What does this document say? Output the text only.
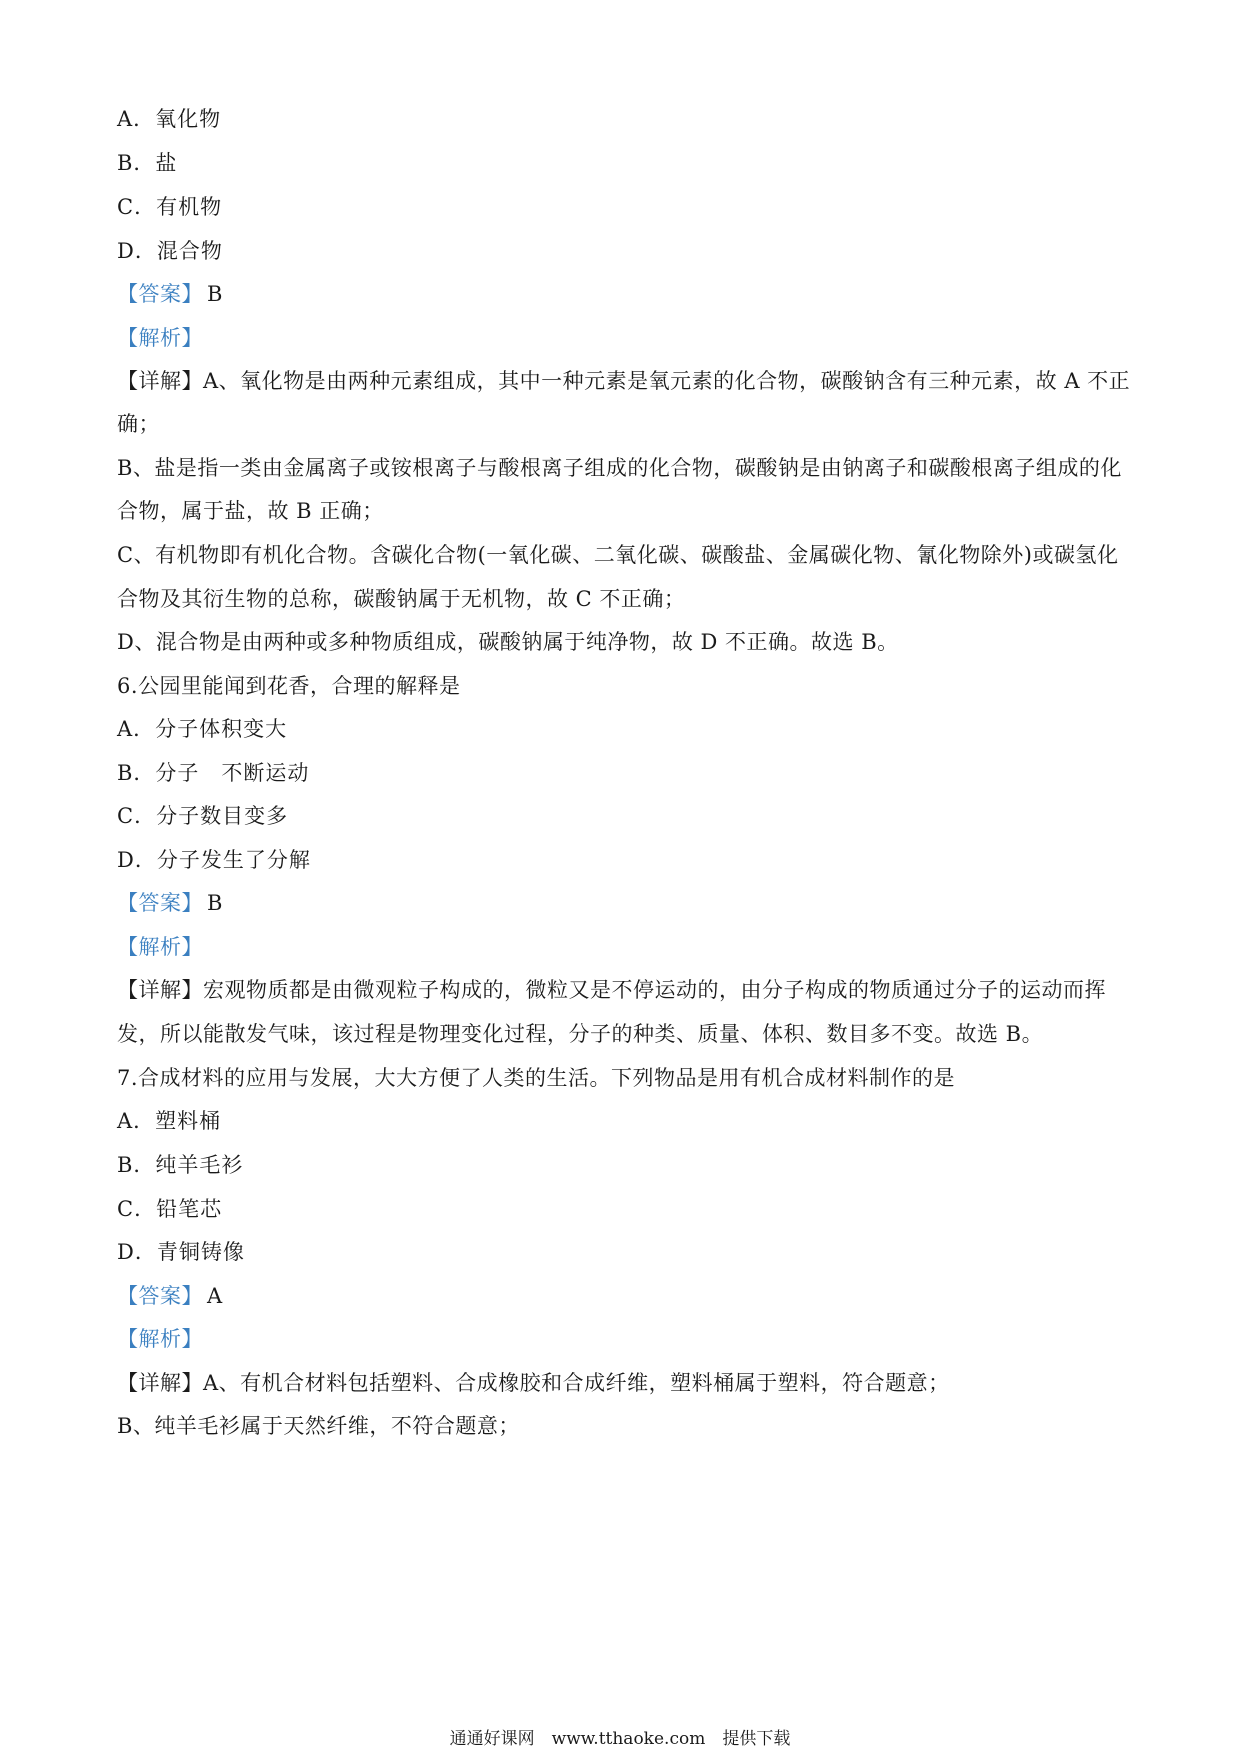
A．氧化物
B．盐
C．有机物
D．混合物
【答案】 B
【解析】
【详解】A、氧化物是由两种元素组成，其中一种元素是氧元素的化合物，碳酸钠含有三种元素，故 A 不正
确；
B、盐是指一类由金属离子或铵根离子与酸根离子组成的化合物，碳酸钠是由钠离子和碳酸根离子组成的化
合物，属于盐，故 B 正确；
C、有机物即有机化合物。含碳化合物(一氧化碳、二氧化碳、碳酸盐、金属碳化物、氰化物除外)或碳氢化
合物及其衍生物的总称，碳酸钠属于无机物，故 C 不正确；
D、混合物是由两种或多种物质组成，碳酸钠属于纯净物，故 D 不正确。故选 B。
6.公园里能闻到花香，合理的解释是
A．分子体积变大
B．分子　不断运动
C．分子数目变多
D．分子发生了分解
【答案】 B
【解析】
【详解】宏观物质都是由微观粒子构成的，微粒又是不停运动的，由分子构成的物质通过分子的运动而挥
发，所以能散发气味，该过程是物理变化过程，分子的种类、质量、体积、数目多不变。故选 B。
7.合成材料的应用与发展，大大方便了人类的生活。下列物品是用有机合成材料制作的是
A．塑料桶
B．纯羊毛衫
C．铅笔芯
D．青铜铸像
【答案】 A
【解析】
【详解】A、有机合材料包括塑料、合成橡胶和合成纤维，塑料桶属于塑料，符合题意；
B、纯羊毛衫属于天然纤维，不符合题意；
通通好课网　www.tthaoke.com　提供下载
